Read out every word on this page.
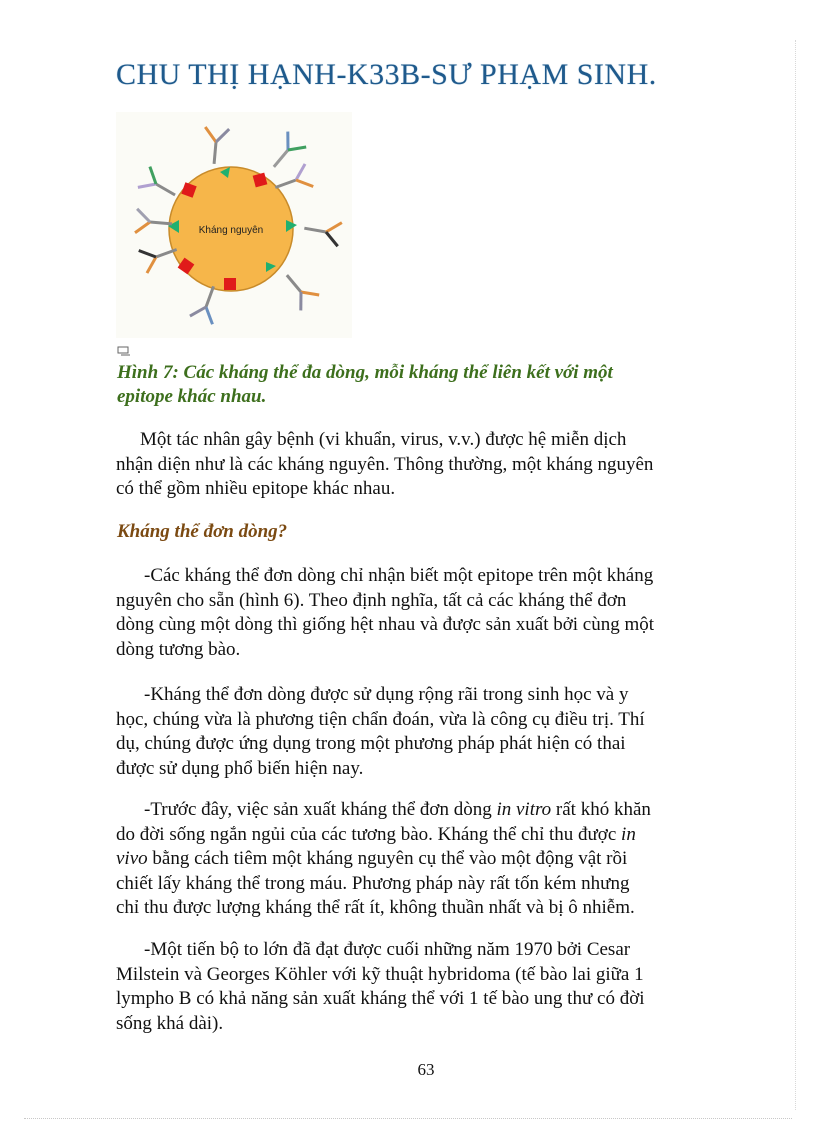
CHU THỊ HẠNH-K33B-SƯ PHẠM SINH.
Kháng nguyên
Hình 7: Các kháng thể đa dòng, mỗi kháng thể liên kết với một
epitope khác nhau.
Một tác nhân gây bệnh (vi khuẩn, virus, v.v.) được hệ miễn dịch
nhận diện như là các kháng nguyên. Thông thường, một kháng nguyên
có thể gồm nhiều epitope khác nhau.
Kháng thể đơn dòng?
-Các kháng thể đơn dòng chỉ nhận biết một epitope trên một kháng
nguyên cho sẵn (hình 6). Theo định nghĩa, tất cả các kháng thể đơn
dòng cùng một dòng thì giống hệt nhau và được sản xuất bởi cùng một
dòng tương bào.
-Kháng thể đơn dòng được sử dụng rộng rãi trong sinh học và y
học, chúng vừa là phương tiện chẩn đoán, vừa là công cụ điều trị. Thí
dụ, chúng được ứng dụng trong một phương pháp phát hiện có thai
được sử dụng phổ biến hiện nay.
-Trước đây, việc sản xuất kháng thể đơn dòng in vitro rất khó khăn
do đời sống ngắn ngủi của các tương bào. Kháng thể chỉ thu được in
vivo bằng cách tiêm một kháng nguyên cụ thể vào một động vật rồi
chiết lấy kháng thể trong máu. Phương pháp này rất tốn kém nhưng
chỉ thu được lượng kháng thể rất ít, không thuần nhất và bị ô nhiễm.
-Một tiến bộ to lớn đã đạt được cuối những năm 1970 bởi Cesar
Milstein và Georges Köhler với kỹ thuật hybridoma (tế bào lai giữa 1
lympho B có khả năng sản xuất kháng thể với 1 tế bào ung thư có đời
sống khá dài).
63
